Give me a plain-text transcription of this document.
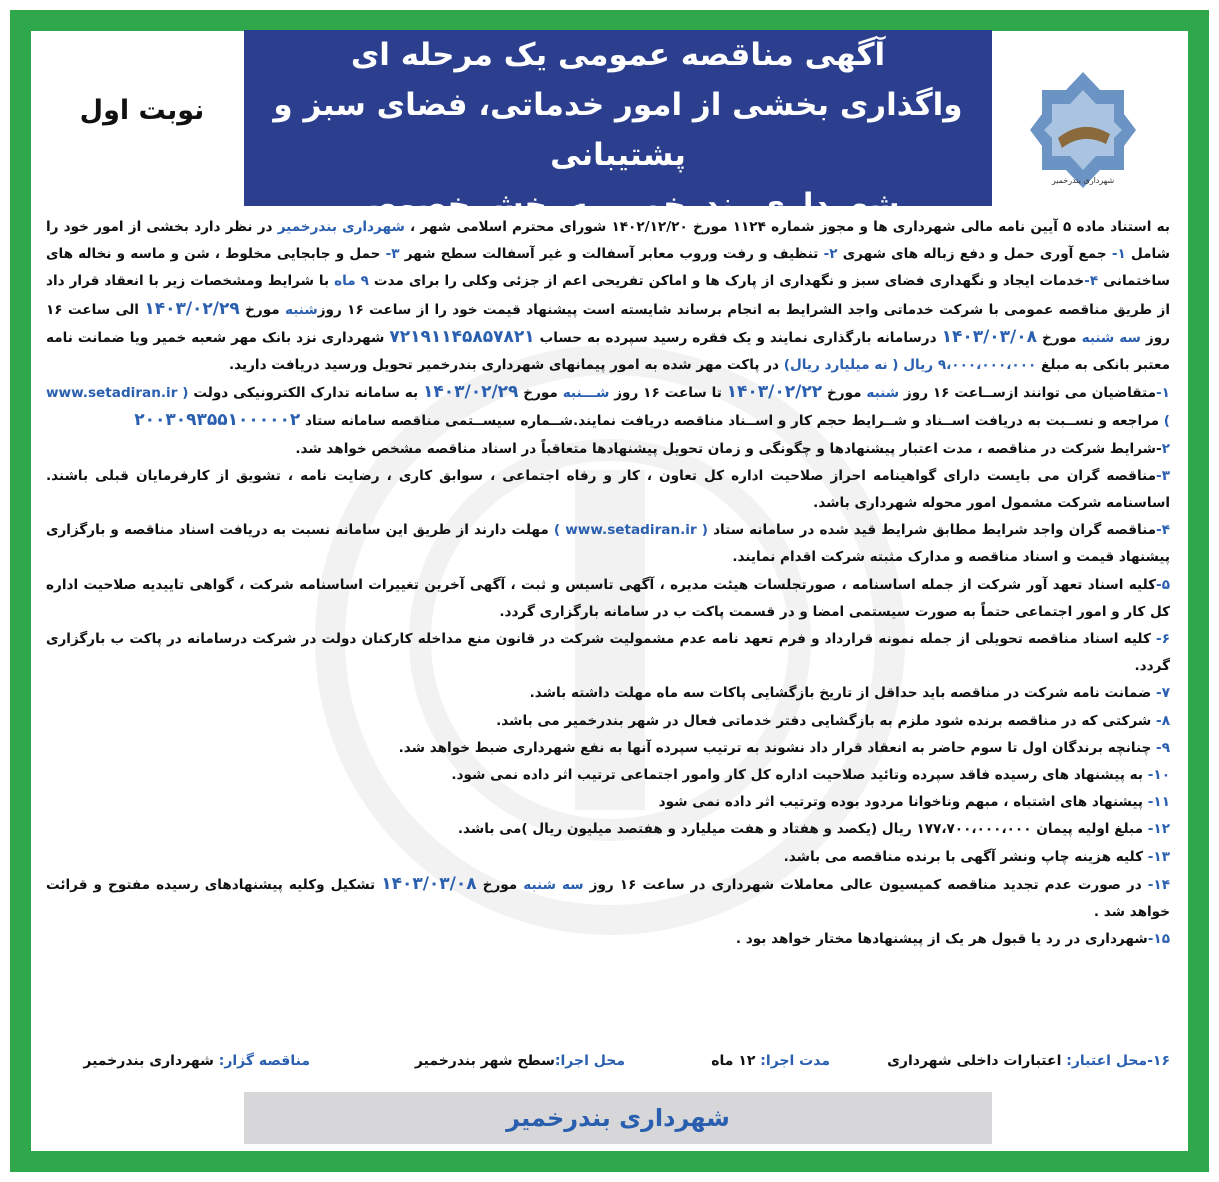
آگهی مناقصه عمومی یک مرحله ای
واگذاری بخشی از امور خدماتی، فضای سبز و پشتیبانی
شهرداری بندرخمیر به بخش خصوصی
نوبت اول
شهرداری بندرخمیر

به استناد ماده ۵ آیین نامه مالی شهرداری ها و مجوز شماره ۱۱۲۴ مورخ ۱۴۰۲/۱۲/۲۰ شورای محترم اسلامی شهر ، شهرداری بندرخمیر در نظر دارد بخشی از امور خود را شامل ۱- جمع آوری حمل و دفع زباله های شهری ۲- تنظیف و رفت وروب معابر آسفالت و غیر آسفالت سطح شهر ۳- حمل و جابجایی مخلوط ، شن و ماسه و نخاله های ساختمانی ۴-خدمات ایجاد و نگهداری فضای سبز و نگهداری از پارک ها و اماکن تفریحی اعم از جزئی وکلی را برای مدت ۹ ماه با شرایط ومشخصات زیر با انعقاد قرار داد از طریق مناقصه عمومی با شرکت خدماتی واجد الشرایط به انجام برساند شایسته است پیشنهاد قیمت خود را از ساعت ۱۶ روزشنبه مورخ ۱۴۰۳/۰۲/۲۹ الی ساعت ۱۶ روز سه شنبه مورخ ۱۴۰۳/۰۳/۰۸ درسامانه بارگذاری نمایند و یک فقره رسید سپرده به حساب ۷۲۱۹۱۱۴۵۸۵۷۸۲۱ شهرداری نزد بانک مهر شعبه خمیر ویا ضمانت نامه معتبر بانکی به مبلغ ۹،۰۰۰،۰۰۰،۰۰۰ ریال ( نه میلیارد ریال) در پاکت مهر شده به امور پیمانهای شهرداری بندرخمیر تحویل ورسید دریافت دارید.

۱-متقاضیان می توانند ازســاعت ۱۶ روز شنبه مورخ ۱۴۰۳/۰۲/۲۲ تا ساعت ۱۶ روز شـــنبه مورخ ۱۴۰۳/۰۲/۲۹ به سامانه تدارک الکترونیکی دولت ( www.setadiran.ir ) مراجعه و نســبت به دریافت اســناد و شــرایط حجم کار و اســناد مناقصه دریافت نمایند.شــماره سیســتمی مناقصه سامانه ستاد ۲۰۰۳۰۹۳۵۵۱۰۰۰۰۰۲

۲-شرایط شرکت در مناقصه ، مدت اعتبار پیشنهادها و چگونگی و زمان تحویل پیشنهادها متعاقباً در اسناد مناقصه مشخص خواهد شد.

۳-مناقصه گران می بایست دارای گواهینامه احراز صلاحیت اداره کل تعاون ، کار و رفاه اجتماعی ، سوابق کاری ، رضایت نامه ، تشویق از کارفرمایان قبلی باشند. اساسنامه شرکت مشمول امور محوله شهرداری باشد.

۴-مناقصه گران واجد شرایط مطابق شرایط قید شده در سامانه ستاد ( www.setadiran.ir ) مهلت دارند از طریق این سامانه نسبت به دریافت اسناد مناقصه و بارگزاری پیشنهاد قیمت و اسناد مناقصه و مدارک مثبته شرکت اقدام نمایند.

۵-کلیه اسناد تعهد آور شرکت از جمله اساسنامه ، صورتجلسات هیئت مدیره ، آگهی تاسیس و ثبت ، آگهی آخرین تغییرات اساسنامه شرکت ، گواهی تاییدیه صلاحیت اداره کل کار و امور اجتماعی حتماً به صورت سیستمی امضا و در قسمت پاکت ب در سامانه بارگزاری گردد.

۶- کلیه اسناد مناقصه تحویلی از جمله نمونه قرارداد و فرم تعهد نامه عدم مشمولیت شرکت در قانون منع مداخله کارکنان دولت در شرکت درسامانه در پاکت ب بارگزاری گردد.

۷- ضمانت نامه شرکت در مناقصه باید حداقل از تاریخ بازگشایی پاکات سه ماه مهلت داشته باشد.

۸- شرکتی که در مناقصه برنده شود ملزم به بازگشایی دفتر خدماتی فعال در شهر بندرخمیر می باشد.

۹- چنانچه برندگان اول تا سوم حاضر به انعقاد قرار داد نشوند به ترتیب سپرده آنها به نفع شهرداری ضبط خواهد شد.

۱۰- به پیشنهاد های رسیده فاقد سپرده وتائید صلاحیت اداره کل کار وامور اجتماعی ترتیب اثر داده نمی شود.

۱۱- پیشنهاد های اشتباه ، مبهم وناخوانا مردود بوده وترتیب اثر داده نمی شود

۱۲- مبلغ اولیه پیمان ۱۷۷،۷۰۰،۰۰۰،۰۰۰ ریال (یکصد و هفتاد و هفت میلیارد و هفتصد میلیون ریال )می باشد.

۱۳- کلیه هزینه چاپ ونشر آگهی با برنده مناقصه می باشد.

۱۴- در صورت عدم تجدید مناقصه کمیسیون عالی معاملات شهرداری در ساعت ۱۶ روز سه شنبه مورخ ۱۴۰۳/۰۳/۰۸ تشکیل وکلیه پیشنهادهای رسیده مفتوح و قرائت خواهد شد .

۱۵-شهرداری در رد یا قبول هر یک از پیشنهادها مختار خواهد بود .

۱۶-محل اعتبار: اعتبارات داخلی شهرداری
مدت اجرا: ۱۲ ماه
محل اجرا:سطح شهر بندرخمیر
مناقصه گزار: شهرداری بندرخمیر
شهرداری بندرخمیر
